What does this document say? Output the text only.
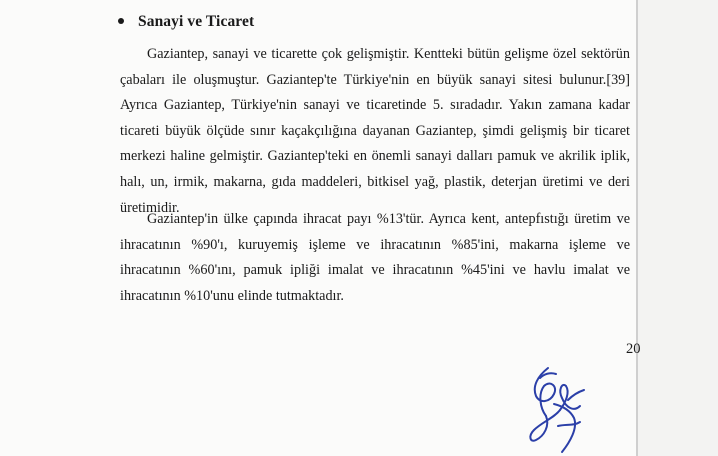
Sanayi ve Ticaret

Gaziantep, sanayi ve ticarette çok gelişmiştir. Kentteki bütün gelişme özel sektörün çabaları ile oluşmuştur. Gaziantep'te Türkiye'nin en büyük sanayi sitesi bulunur.[39] Ayrıca Gaziantep, Türkiye'nin sanayi ve ticaretinde 5. sıradadır. Yakın zamana kadar ticareti büyük ölçüde sınır kaçakçılığına dayanan Gaziantep, şimdi gelişmiş bir ticaret merkezi haline gelmiştir. Gaziantep'teki en önemli sanayi dalları pamuk ve akrilik iplik, halı, un, irmik, makarna, gıda maddeleri, bitkisel yağ, plastik, deterjan üretimi ve deri üretimidir.

Gaziantep'in ülke çapında ihracat payı %13'tür. Ayrıca kent, antepfıstığı üretim ve ihracatının %90'ı, kuruyemiş işleme ve ihracatının %85'ini, makarna işleme ve ihracatının %60'ını, pamuk ipliği imalat ve ihracatının %45'ini ve havlu imalat ve ihracatının %10'unu elinde tutmaktadır.

20
